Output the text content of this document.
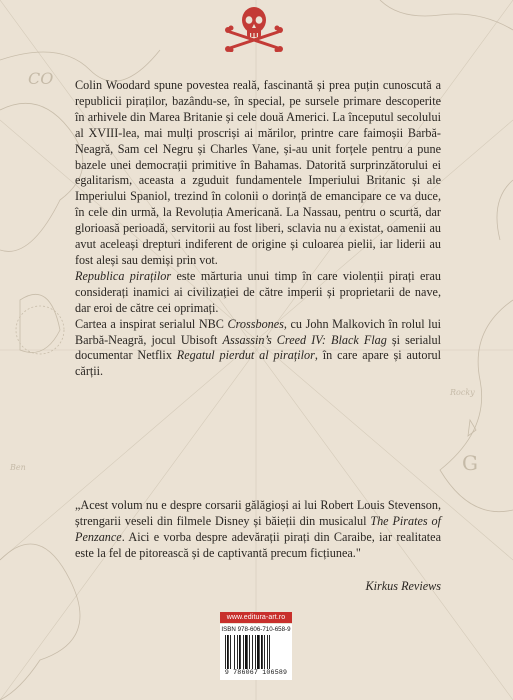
CO
G
Rocky
Ben

Colin Woodard spune povestea reală, fascinantă și prea puțin cunoscută a republicii piraților, bazându-se, în special, pe sursele primare descoperite în arhivele din Marea Britanie și cele două Americi. La începutul secolului al XVIII-lea, mai mulți proscriși ai mărilor, printre care faimoșii Barbă-Neagră, Sam cel Negru și Charles Vane, și-au unit forțele pentru a pune bazele unei democrații primitive în Bahamas. Datorită surprinzătorului ei egalitarism, aceasta a zguduit fundamentele Imperiului Britanic și ale Imperiului Spaniol, trezind în colonii o dorință de emancipare ce va duce, în cele din urmă, la Revoluția Americană. La Nassau, pentru o scurtă, dar glorioasă perioadă, servitorii au fost liberi, sclavia nu a existat, oamenii au avut aceleași drepturi indiferent de origine și culoarea pielii, iar liderii au fost aleși sau demiși prin vot.

Republica piraților este mărturia unui timp în care violenții pirați erau considerați inamici ai civilizației de către imperii și proprietarii de nave, dar eroi de către cei oprimați.

Cartea a inspirat serialul NBC Crossbones, cu John Malkovich în rolul lui Barbă-Neagră, jocul Ubisoft Assassin’s Creed IV: Black Flag și serialul documentar Netflix Regatul pierdut al piraților, în care apare și autorul cărții.

„Acest volum nu e despre corsarii gălăgioși ai lui Robert Louis Stevenson, ștrengarii veseli din filmele Disney și băieții din musicalul The Pirates of Penzance. Aici e vorba despre adevărații pirați din Caraibe, iar realitatea este la fel de pitorească și de captivantă precum ficțiunea."
Kirkus Reviews
www.editura-art.ro
ISBN 978-606-710-658-9
9 786067 106589
